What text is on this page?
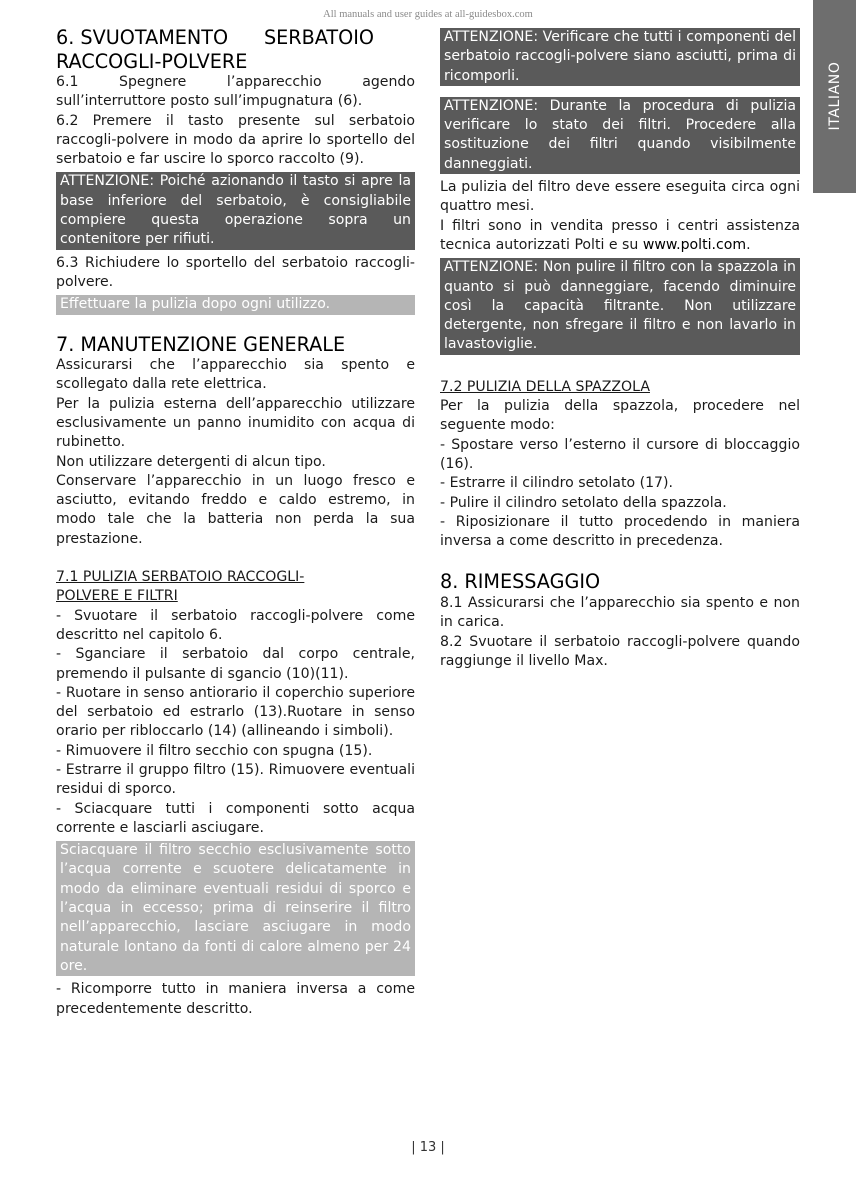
All manuals and user guides at all-guidesbox.com
ITALIANO
6. SVUOTAMENTO SERBATOIO
RACCOGLI-POLVERE

6.1 Spegnere l’apparecchio agendo sull’interruttore posto sull’impugnatura (6).

6.2 Premere il tasto presente sul serbatoio raccogli-polvere in modo da aprire lo sportello del serbatoio e far uscire lo sporco raccolto (9).

ATTENZIONE: Poiché azionando il tasto si apre la base inferiore del serbatoio, è consigliabile compiere questa operazione sopra un contenitore per rifiuti.

6.3 Richiudere lo sportello del serbatoio raccogli-polvere.

Effettuare la pulizia dopo ogni utilizzo.
7. MANUTENZIONE GENERALE

Assicurarsi che l’apparecchio sia spento e scollegato dalla rete elettrica.

Per la pulizia esterna dell’apparecchio utilizzare esclusivamente un panno inumidito con acqua di rubinetto.

Non utilizzare detergenti di alcun tipo.

Conservare l’apparecchio in un luogo fresco e asciutto, evitando freddo e caldo estremo, in modo tale che la batteria non perda la sua prestazione.

7.1 PULIZIA SERBATOIO RACCOGLI-
POLVERE E FILTRI

- Svuotare il serbatoio raccogli-polvere come descritto nel capitolo 6.

- Sganciare il serbatoio dal corpo centrale, premendo il pulsante di sgancio (10)(11).

- Ruotare in senso antiorario il coperchio superiore del serbatoio ed estrarlo (13).Ruotare in senso orario per ribloccarlo (14) (allineando i simboli).

- Rimuovere il filtro secchio con spugna (15).

- Estrarre il gruppo filtro (15). Rimuovere eventuali residui di sporco.

- Sciacquare tutti i componenti sotto acqua corrente e lasciarli asciugare.

Sciacquare il filtro secchio esclusivamente sotto l’acqua corrente e scuotere delicatamente in modo da eliminare eventuali residui di sporco e l’acqua in eccesso; prima di reinserire il filtro nell’apparecchio, lasciare asciugare in modo naturale lontano da fonti di calore almeno per 24 ore.

- Ricomporre tutto in maniera inversa a come precedentemente descritto.

ATTENZIONE: Verificare che tutti i componenti del serbatoio raccogli-polvere siano asciutti, prima di ricomporli.
ATTENZIONE: Durante la procedura di pulizia verificare lo stato dei filtri. Procedere alla sostituzione dei filtri quando visibilmente danneggiati.

La pulizia del filtro deve essere eseguita circa ogni quattro mesi.

I filtri sono in vendita presso i centri assistenza tecnica autorizzati Polti e su www.polti.com.

ATTENZIONE: Non pulire il filtro con la spazzola in quanto si può danneggiare, facendo diminuire così la capacità filtrante. Non utilizzare detergente, non sfregare il filtro e non lavarlo in lavastoviglie.
7.2 PULIZIA DELLA SPAZZOLA

Per la pulizia della spazzola, procedere nel seguente modo:

- Spostare verso l’esterno il cursore di bloccaggio (16).

- Estrarre il cilindro setolato (17).

- Pulire il cilindro setolato della spazzola.

- Riposizionare il tutto procedendo in maniera inversa a come descritto in precedenza.

8. RIMESSAGGIO

8.1 Assicurarsi che l’apparecchio sia spento e non in carica.

8.2 Svuotare il serbatoio raccogli-polvere quando raggiunge il livello Max.

| 13 |
